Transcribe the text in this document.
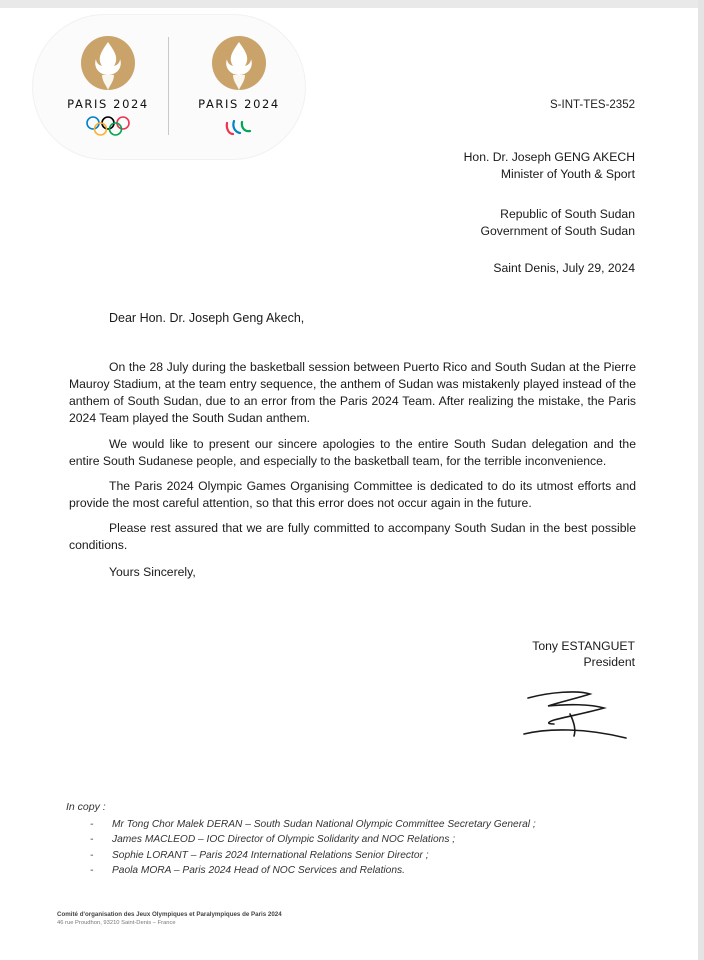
PARIS 2024	PARIS 2024	S-INT-TES-2352
Hon. Dr. Joseph GENG AKECH
Minister of Youth & Sport
Republic of South Sudan
Government of South Sudan
Saint Denis, July 29, 2024
Dear Hon. Dr. Joseph Geng Akech,

On the 28 July during the basketball session between Puerto Rico and South Sudan at the Pierre Mauroy Stadium, at the team entry sequence, the anthem of Sudan was mistakenly played instead of the anthem of South Sudan, due to an error from the Paris 2024 Team. After realizing the mistake, the Paris 2024 Team played the South Sudan anthem.

We would like to present our sincere apologies to the entire South Sudan delegation and the entire South Sudanese people, and especially to the basketball team, for the terrible inconvenience.

The Paris 2024 Olympic Games Organising Committee is dedicated to do its utmost efforts and provide the most careful attention, so that this error does not occur again in the future.

Please rest assured that we are fully committed to accompany South Sudan in the best possible conditions.

Yours Sincerely,
Tony ESTANGUET
President
In copy :
- Mr Tong Chor Malek DERAN – South Sudan National Olympic Committee Secretary General ;
- James MACLEOD – IOC Director of Olympic Solidarity and NOC Relations ;
- Sophie LORANT – Paris 2024 International Relations Senior Director ;
- Paola MORA – Paris 2024 Head of NOC Services and Relations.
Comité d'organisation des Jeux Olympiques et Paralympiques de Paris 2024
46 rue Proudhon, 93210 Saint-Denis – France
